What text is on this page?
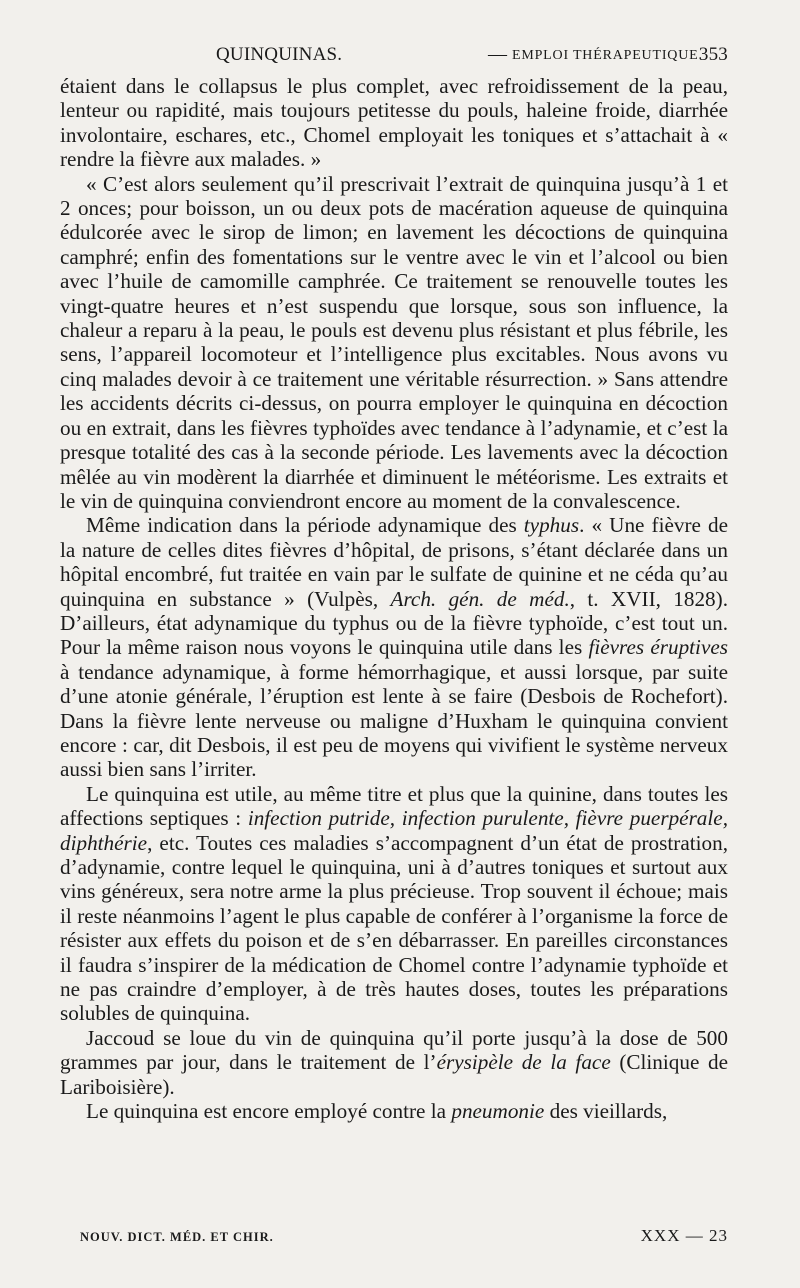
QUINQUINAS.	— EMPLOI THÉRAPEUTIQUE.
353

étaient dans le collapsus le plus complet, avec refroidissement de la peau, lenteur ou rapidité, mais toujours petitesse du pouls, haleine froide, diarrhée involontaire, eschares, etc., Chomel employait les toniques et s’attachait à « rendre la fièvre aux malades. »

« C’est alors seulement qu’il prescrivait l’extrait de quinquina jusqu’à 1 et 2 onces; pour boisson, un ou deux pots de macération aqueuse de quinquina édulcorée avec le sirop de limon; en lavement les décoctions de quinquina camphré; enfin des fomentations sur le ventre avec le vin et l’alcool ou bien avec l’huile de camomille camphrée. Ce traitement se renouvelle toutes les vingt-quatre heures et n’est suspendu que lorsque, sous son influence, la chaleur a reparu à la peau, le pouls est devenu plus résistant et plus fébrile, les sens, l’appareil locomoteur et l’intelligence plus excitables. Nous avons vu cinq malades devoir à ce traitement une véritable résurrection. » Sans attendre les accidents décrits ci-dessus, on pourra employer le quinquina en décoction ou en extrait, dans les fièvres typhoïdes avec tendance à l’adynamie, et c’est la presque totalité des cas à la seconde période. Les lavements avec la décoction mêlée au vin modèrent la diarrhée et diminuent le météorisme. Les extraits et le vin de quinquina conviendront encore au moment de la convalescence.

Même indication dans la période adynamique des typhus. « Une fièvre de la nature de celles dites fièvres d’hôpital, de prisons, s’étant déclarée dans un hôpital encombré, fut traitée en vain par le sulfate de quinine et ne céda qu’au quinquina en substance » (Vulpès, Arch. gén. de méd., t. XVII, 1828). D’ailleurs, état adynamique du typhus ou de la fièvre typhoïde, c’est tout un. Pour la même raison nous voyons le quinquina utile dans les fièvres éruptives à tendance adynamique, à forme hémorrhagique, et aussi lorsque, par suite d’une atonie générale, l’éruption est lente à se faire (Desbois de Rochefort). Dans la fièvre lente nerveuse ou maligne d’Huxham le quinquina convient encore : car, dit Desbois, il est peu de moyens qui vivifient le système nerveux aussi bien sans l’irriter.

Le quinquina est utile, au même titre et plus que la quinine, dans toutes les affections septiques : infection putride, infection purulente, fièvre puerpérale, diphthérie, etc. Toutes ces maladies s’accompagnent d’un état de prostration, d’adynamie, contre lequel le quinquina, uni à d’autres toniques et surtout aux vins généreux, sera notre arme la plus précieuse. Trop souvent il échoue; mais il reste néanmoins l’agent le plus capable de conférer à l’organisme la force de résister aux effets du poison et de s’en débarrasser. En pareilles circonstances il faudra s’inspirer de la médication de Chomel contre l’adynamie typhoïde et ne pas craindre d’employer, à de très hautes doses, toutes les préparations solubles de quinquina.

Jaccoud se loue du vin de quinquina qu’il porte jusqu’à la dose de 500 grammes par jour, dans le traitement de l’érysipèle de la face (Clinique de Lariboisière).

Le quinquina est encore employé contre la pneumonie des vieillards,

NOUV. DICT. MÉD. ET CHIR.	XXX — 23
